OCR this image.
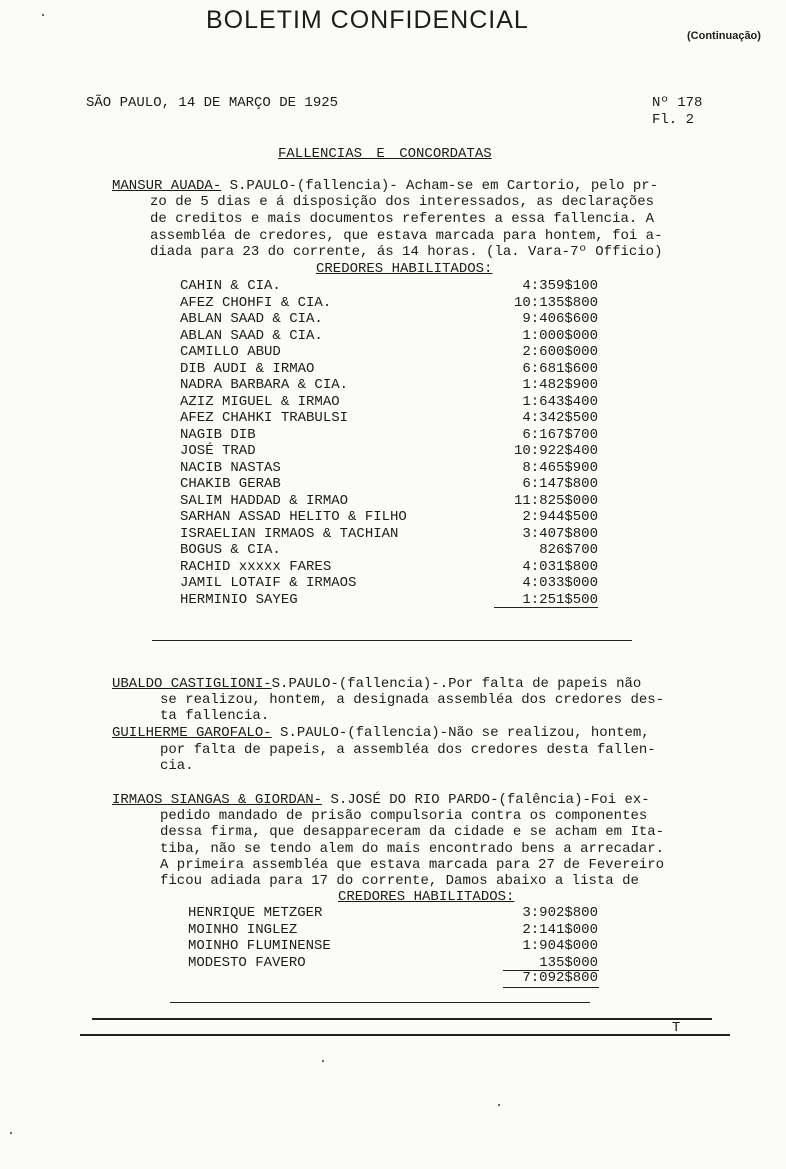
BOLETIM CONFIDENCIAL
(Continuação)
SÃO PAULO, 14 DE MARÇO DE 1925	Nº 178
Fl. 2
FALLENCIAS E CONCORDATAS
MANSUR AUADA- S.PAULO-(fallencia)- Acham-se em Cartorio, pelo pr-
zo de 5 dias e á disposição dos interessados, as declarações
de creditos e mais documentos referentes a essa fallencia. A
assembléa de credores, que estava marcada para hontem, foi a-
diada para 23 do corrente, ás 14 horas. (la. Vara-7º Officio)
CREDORES HABILITADOS:
CAHIN & CIA.	4:359$100
AFEZ CHOHFI & CIA.	10:135$800
ABLAN SAAD & CIA.	9:406$600
ABLAN SAAD & CIA.	1:000$000
CAMILLO ABUD	2:600$000
DIB AUDI & IRMAO	6:681$600
NADRA BARBARA & CIA.	1:482$900
AZIZ MIGUEL & IRMAO	1:643$400
AFEZ CHAHKI TRABULSI	4:342$500
NAGIB DIB	6:167$700
JOSÉ TRAD	10:922$400
NACIB NASTAS	8:465$900
CHAKIB GERAB	6:147$800
SALIM HADDAD & IRMAO	11:825$000
SARHAN ASSAD HELITO & FILHO	2:944$500
ISRAELIAN IRMAOS & TACHIAN	3:407$800
BOGUS & CIA.	826$700
RACHID xxxxx FARES	4:031$800
JAMIL LOTAIF & IRMAOS	4:033$000
HERMINIO SAYEG	1:251$500
UBALDO CASTIGLIONI-S.PAULO-(fallencia)-.Por falta de papeis não
se realizou, hontem, a designada assembléa dos credores des-
ta fallencia.
GUILHERME GAROFALO- S.PAULO-(fallencia)-Não se realizou, hontem,
por falta de papeis, a assembléa dos credores desta fallen-
cia.
IRMAOS SIANGAS & GIORDAN- S.JOSÉ DO RIO PARDO-(falência)-Foi ex-
pedido mandado de prisão compulsoria contra os componentes
dessa firma, que desappareceram da cidade e se acham em Ita-
tiba, não se tendo alem do mais encontrado bens a arrecadar.
A primeira assembléa que estava marcada para 27 de Fevereiro
ficou adiada para 17 do corrente, Damos abaixo a lista de
CREDORES HABILITADOS:
HENRIQUE METZGER	3:902$800
MOINHO INGLEZ	2:141$000
MOINHO FLUMINENSE	1:904$000
MODESTO FAVERO	135$000
7:092$800
T
